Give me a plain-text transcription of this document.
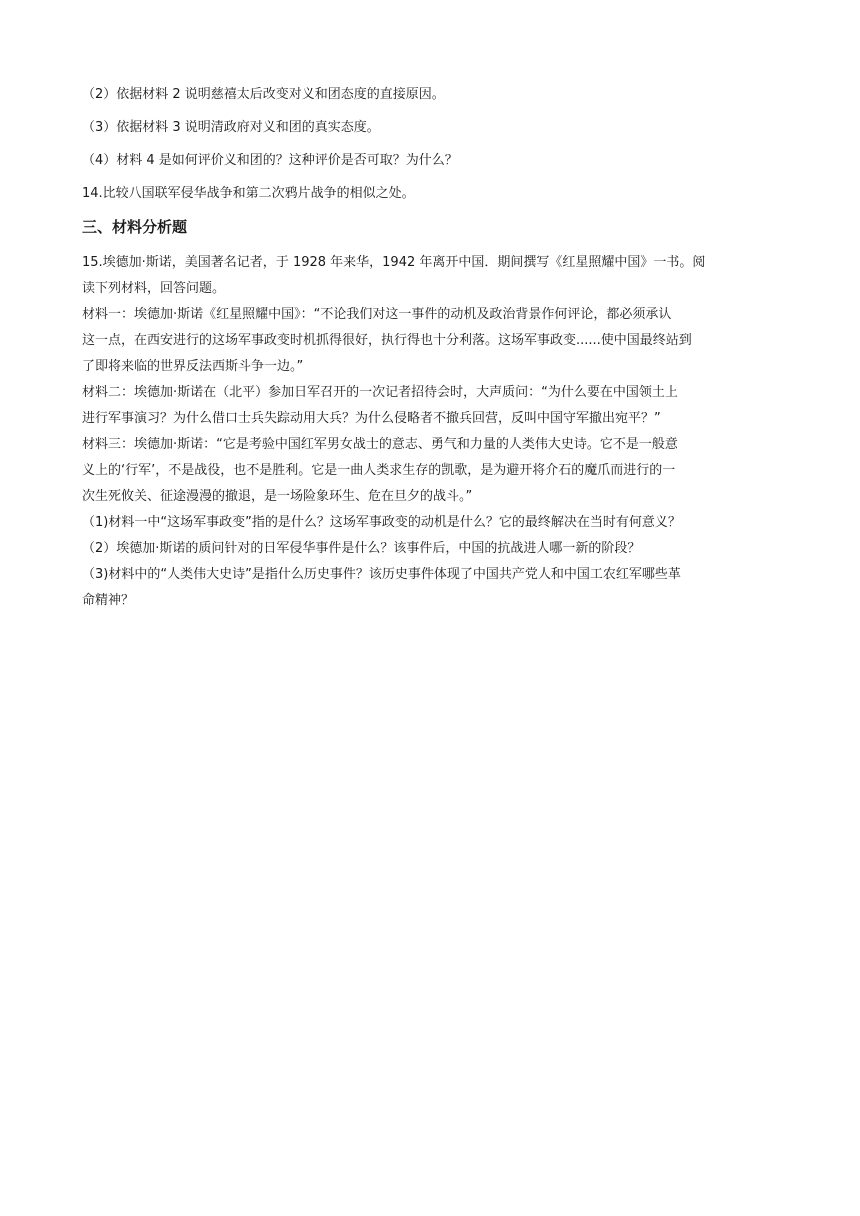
（2）依据材料 2 说明慈禧太后改变对义和团态度的直接原因。

（3）依据材料 3 说明清政府对义和团的真实态度。

（4）材料 4 是如何评价义和团的？这种评价是否可取？为什么？

14.比较八国联军侵华战争和第二次鸦片战争的相似之处。

三、材料分析题
15.埃德加·斯诺，美国著名记者，于 1928 年来华，1942 年离开中国．期间撰写《红星照耀中国》一书。阅
读下列材料，回答问题。
材料一：埃德加·斯诺《红星照耀中国》：“不论我们对这一事件的动机及政治背景作何评论，都必须承认
这一点，在西安进行的这场军事政变时机抓得很好，执行得也十分利落。这场军事政变......使中国最终站到
了即将来临的世界反法西斯斗争一边。”
材料二：埃德加·斯诺在（北平）参加日军召开的一次记者招待会时，大声质问：“为什么要在中国领土上
进行军事演习？为什么借口士兵失踪动用大兵？为什么侵略者不撤兵回营，反叫中国守军撤出宛平？”
材料三：埃德加·斯诺：“它是考验中国红军男女战士的意志、勇气和力量的人类伟大史诗。它不是一般意
义上的‘行军’，不是战役，也不是胜利。它是一曲人类求生存的凯歌，是为避开将介石的魔爪而进行的一
次生死攸关、征途漫漫的撤退，是一场险象环生、危在旦夕的战斗。”
（1)材料一中“这场军事政变”指的是什么？这场军事政变的动机是什么？它的最终解决在当时有何意义？
（2）埃德加·斯诺的质问针对的日军侵华事件是什么？该事件后，中国的抗战进人哪一新的阶段？
（3)材料中的“人类伟大史诗”是指什么历史事件？该历史事件体现了中国共产党人和中国工农红军哪些革
命精神？
